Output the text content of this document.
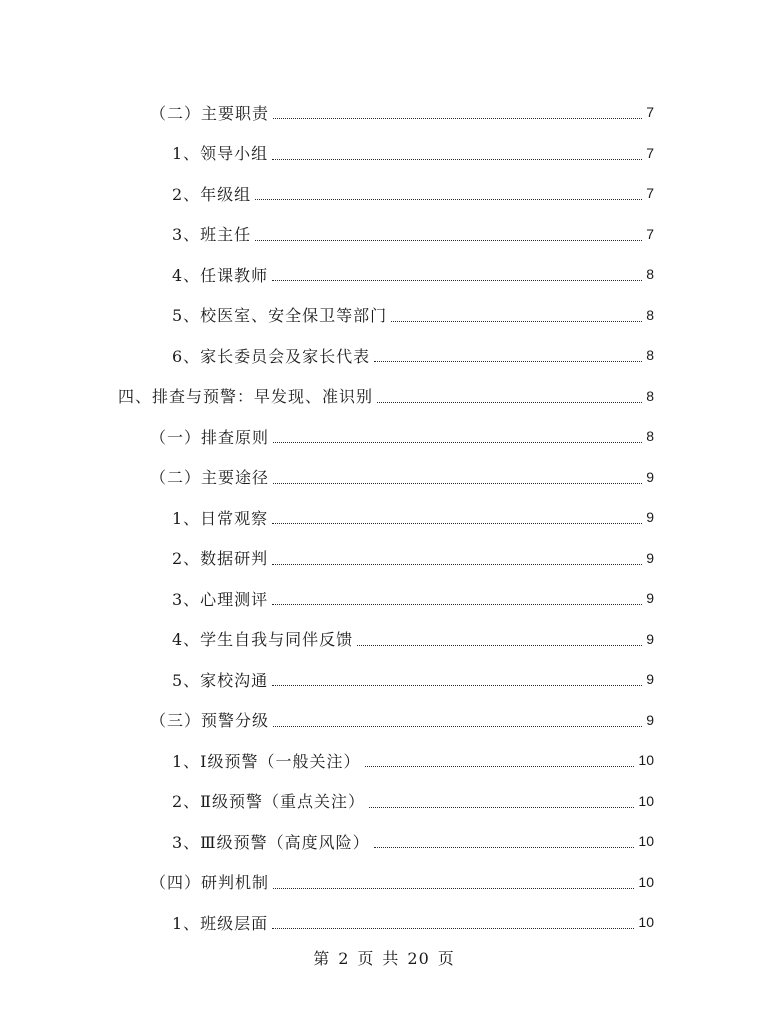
（二）主要职责	7
1、领导小组	7
2、年级组	7
3、班主任	7
4、任课教师	8
5、校医室、安全保卫等部门	8
6、家长委员会及家长代表	8
四、排查与预警：早发现、准识别	8
（一）排查原则	8
（二）主要途径	9
1、日常观察	9
2、数据研判	9
3、心理测评	9
4、学生自我与同伴反馈	9
5、家校沟通	9
（三）预警分级	9
1、Ⅰ级预警（一般关注）	10
2、Ⅱ级预警（重点关注）	10
3、Ⅲ级预警（高度风险）	10
（四）研判机制	10
1、班级层面	10
第 2 页 共 20 页
